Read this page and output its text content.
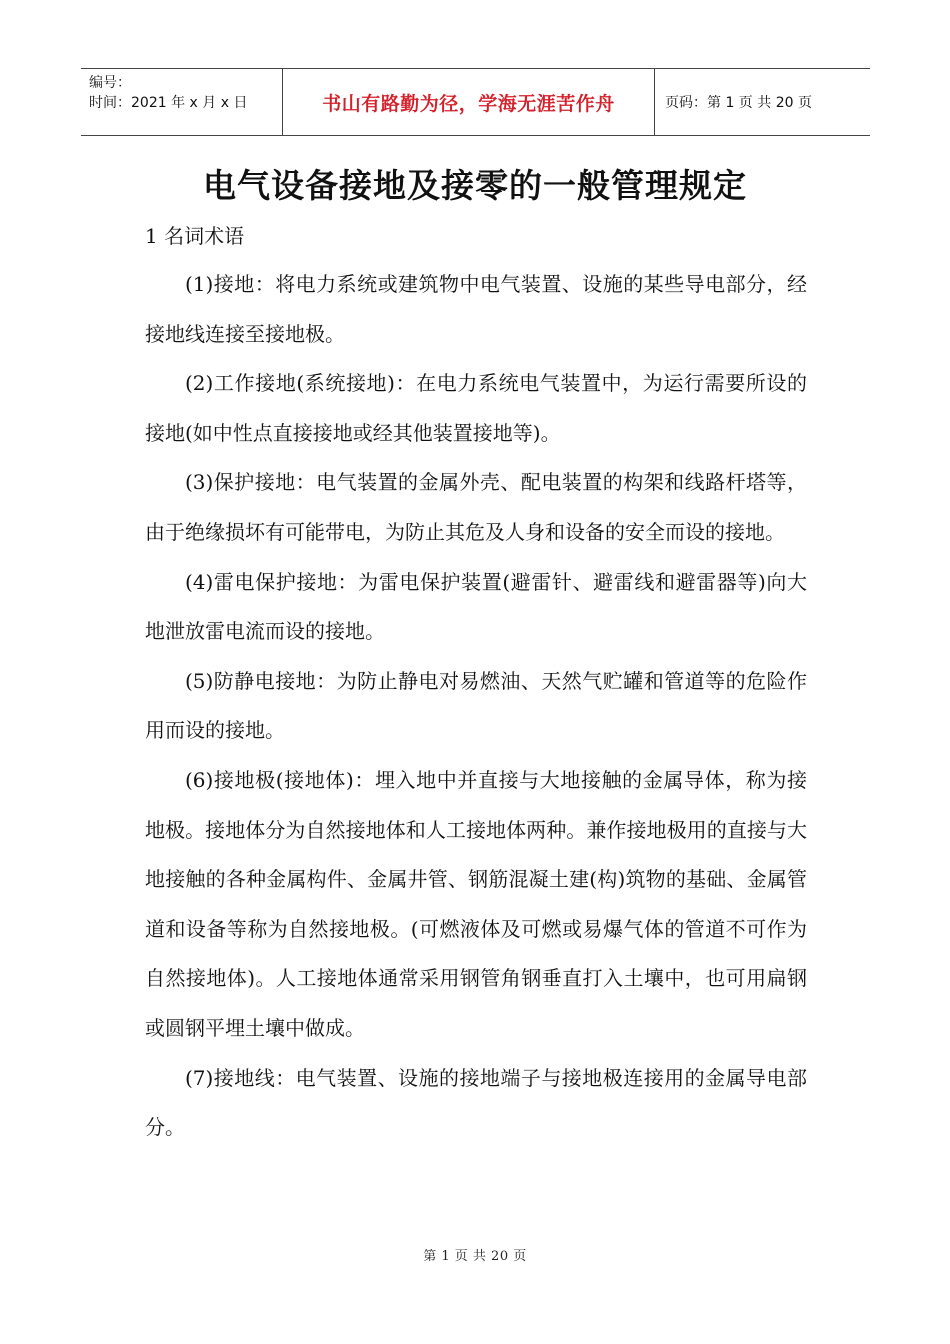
编号：
时间：2021 年 x 月 x 日	书山有路勤为径，学海无涯苦作舟	页码：第 1 页 共 20 页
电气设备接地及接零的一般管理规定
1 名词术语

(1)接地：将电力系统或建筑物中电气装置、设施的某些导电部分，经接地线连接至接地极。

(2)工作接地(系统接地)：在电力系统电气装置中，为运行需要所设的接地(如中性点直接接地或经其他装置接地等)。

(3)保护接地：电气装置的金属外壳、配电装置的构架和线路杆塔等，由于绝缘损坏有可能带电，为防止其危及人身和设备的安全而设的接地。

(4)雷电保护接地：为雷电保护装置(避雷针、避雷线和避雷器等)向大地泄放雷电流而设的接地。

(5)防静电接地：为防止静电对易燃油、天然气贮罐和管道等的危险作用而设的接地。

(6)接地极(接地体)：埋入地中并直接与大地接触的金属导体，称为接地极。接地体分为自然接地体和人工接地体两种。兼作接地极用的直接与大地接触的各种金属构件、金属井管、钢筋混凝土建(构)筑物的基础、金属管道和设备等称为自然接地极。(可燃液体及可燃或易爆气体的管道不可作为自然接地体)。人工接地体通常采用钢管角钢垂直打入土壤中，也可用扁钢或圆钢平埋土壤中做成。

(7)接地线：电气装置、设施的接地端子与接地极连接用的金属导电部分。

第 1 页 共 20 页
